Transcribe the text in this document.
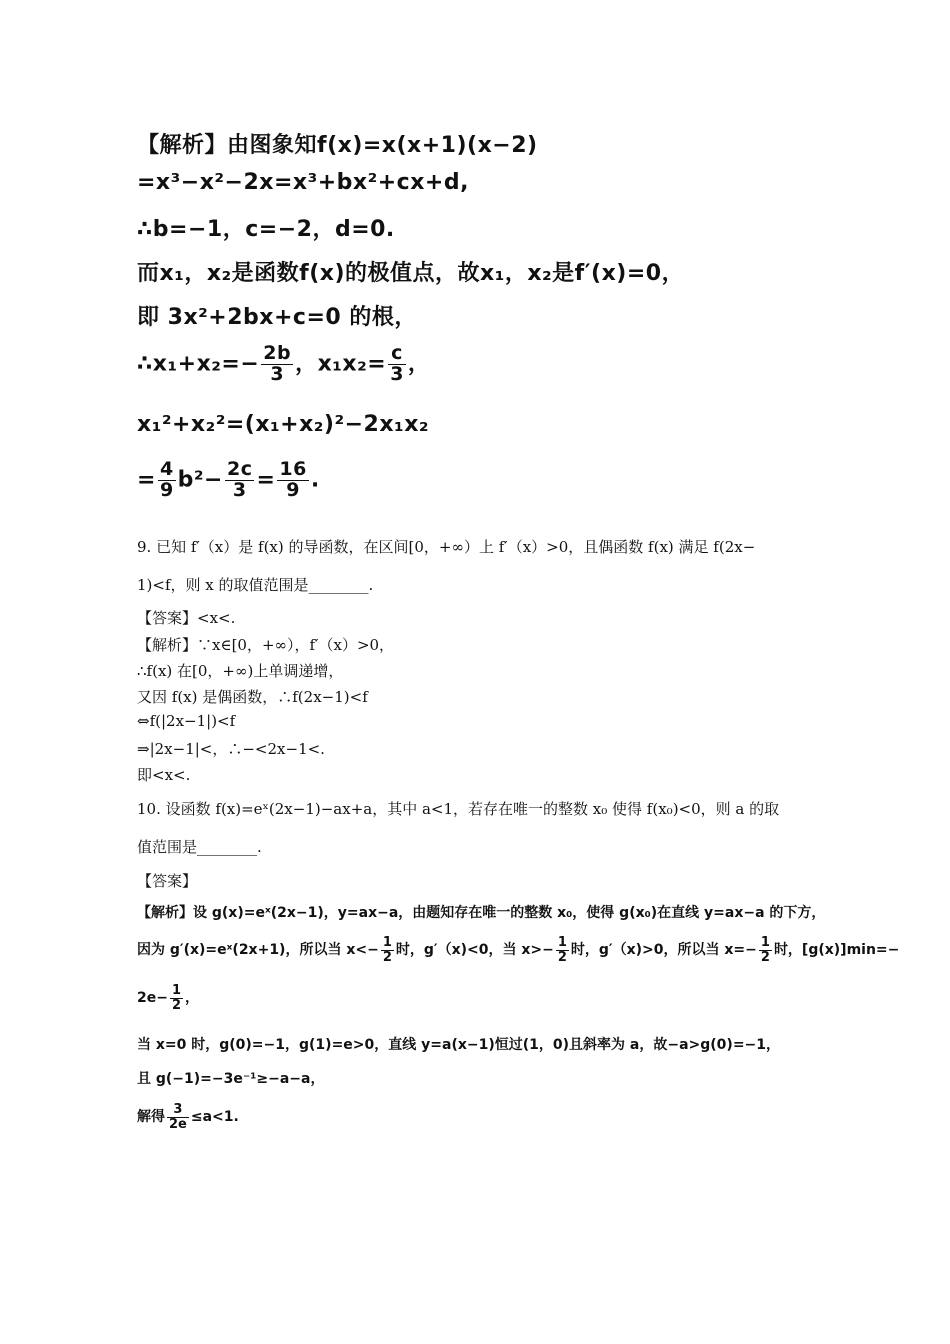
【解析】由图象知f(x)=x(x+1)(x−2)
=x³−x²−2x=x³+bx²+cx+d,
∴b=−1，c=−2，d=0.
而x₁，x₂是函数f(x)的极值点，故x₁，x₂是f′(x)=0，
即 3x²+2bx+c=0 的根，
∴x₁+x₂=− $\frac{2b}{3}$ ，$x_1x_2= \frac{c}{3}$ ，
x₁²+x₂²=(x₁+x₂)²−2x₁x₂
= $\frac{4}{9} b^2- \frac{2c}{3} = \frac{16}{9}$ .
9. 已知 f′（x）是 f(x) 的导函数，在区间[0，+∞）上 f′（x）>0，且偶函数 f(x) 满足 f(2x−
1)<f，则 x 的取值范围是________.
【答案】<x<.
【解析】∵x∈[0，+∞），f′（x）>0，
∴f(x) 在[0，+∞)上单调递增，
又因 f(x) 是偶函数，∴f(2x−1)<f
⇔f(|2x−1|)<f
⇒|2x−1|<，∴−<2x−1<.
即<x<.
10. 设函数 f(x)=eˣ(2x−1)−ax+a，其中 a<1，若存在唯一的整数 x₀ 使得 f(x₀)<0，则 a 的取
值范围是________.
【答案】
【解析】设 g(x)=eˣ(2x−1)，y=ax−a，由题知存在唯一的整数 x₀，使得 g(x₀)在直线 y=ax−a 的下方，
因为 g′(x)=eˣ(2x+1)，所以当 $x<- \frac{1}{2}$ 时，g′（x)<0，当 $x>- \frac{1}{2}$ 时，g′（x)>0，所以当 $x=- \frac{1}{2}$ 时，[g(x)]min=−
$2e- \frac{1}{2}$ ，
当 x=0 时，g(0)=−1，g(1)=e>0，直线 y=a(x−1)恒过(1，0)且斜率为 a，故−a>g(0)=−1，
且 g(−1)=−3e⁻¹≥−a−a，
解得 $\frac{3}{2e} \le a<1$.
